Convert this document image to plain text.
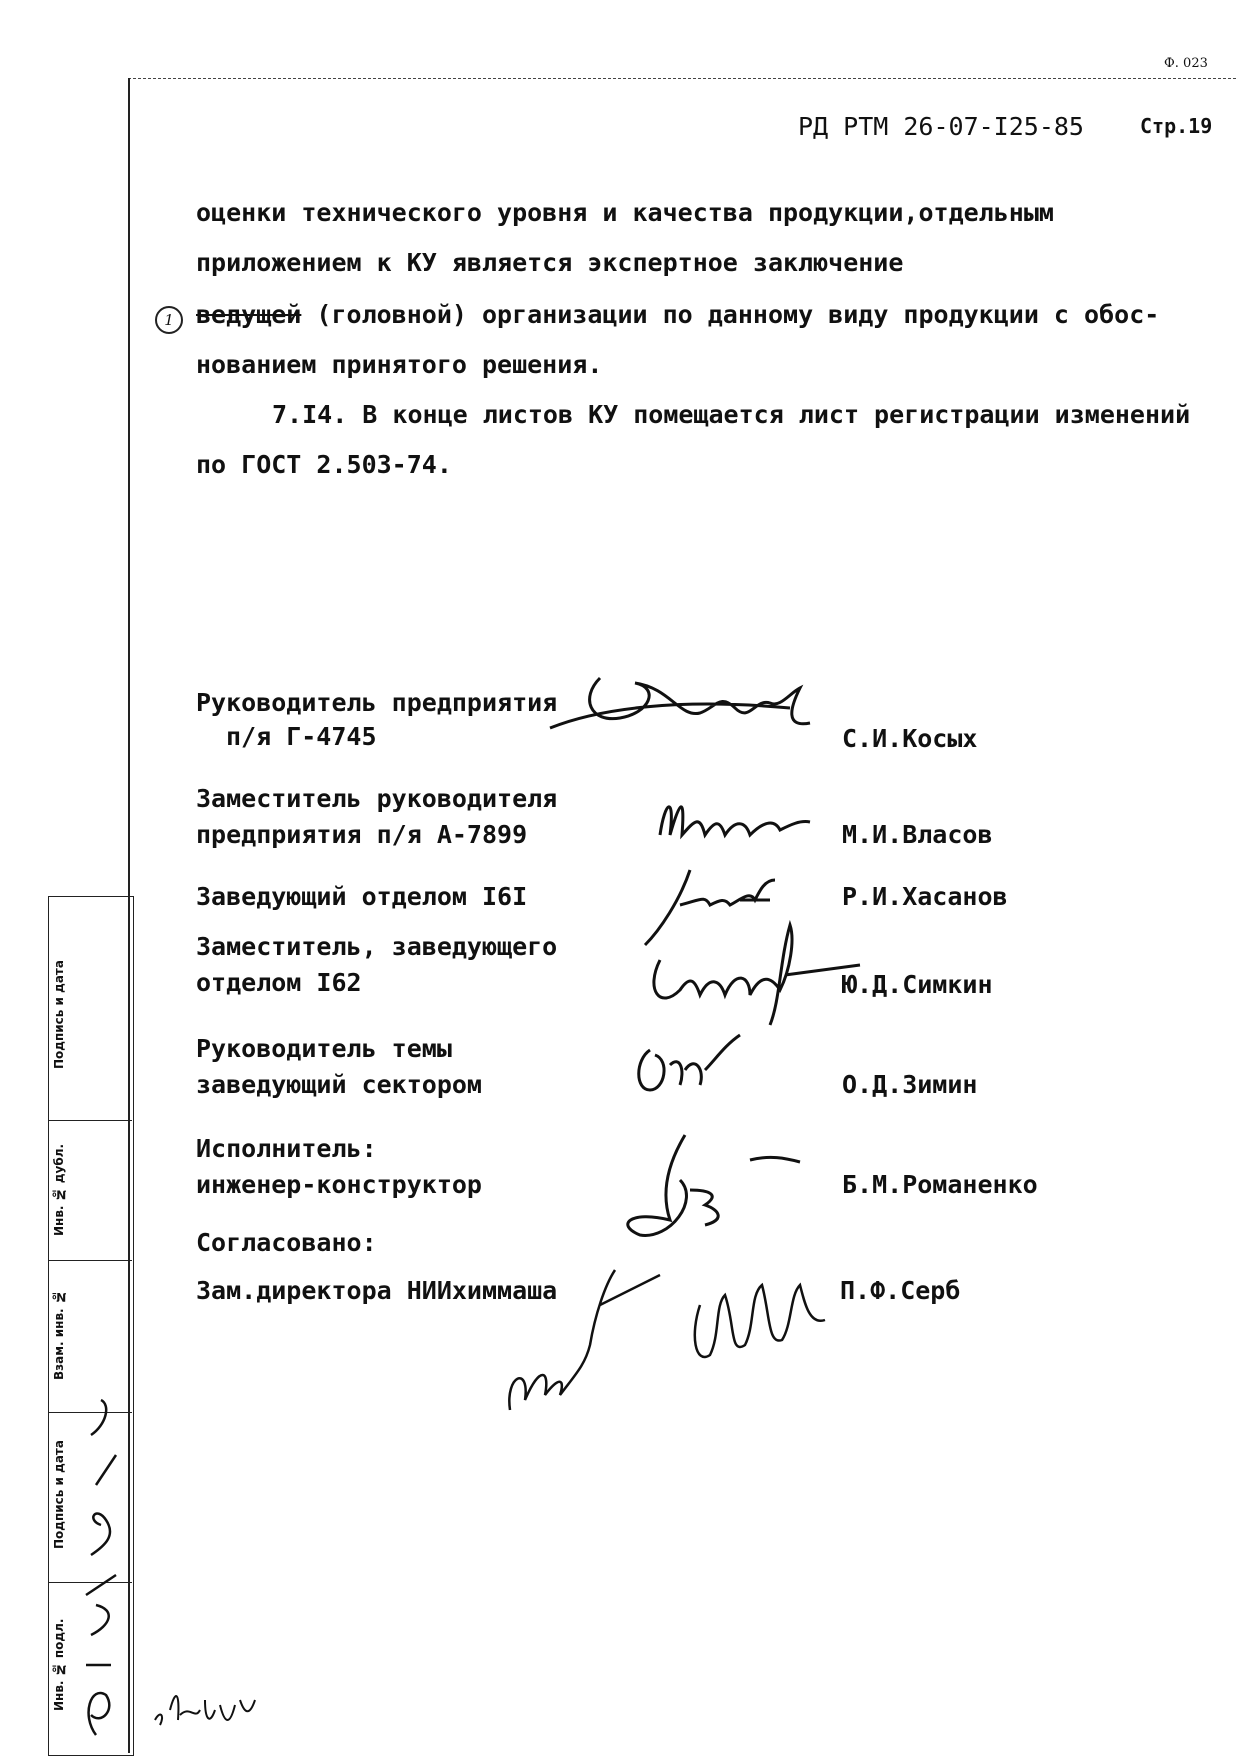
Ф. 023
РД РТМ 26-07-I25-85	Стр.19
оценки технического уровня и качества продукции,отдельным
приложением к КУ является экспертное заключение
1 ведущей (головной) организации по данному виду продукции с обос-
нованием принятого решения.
7.I4. В конце листов КУ помещается лист регистрации изменений
по ГОСТ 2.503-74.
Руководитель предприятия
п/я Г-4745	С.И.Косых
Заместитель руководителя
предприятия п/я А-7899	М.И.Власов
Заведующий отделом I6I	Р.И.Хасанов
Заместитель, заведующего
отделом I62	Ю.Д.Симкин
Руководитель темы
заведующий сектором	О.Д.Зимин
Исполнитель:
инженер-конструктор	Б.М.Романенко
Согласовано:
Зам.директора НИИхиммаша	П.Ф.Серб
Подпись и дата
Инв. № дубл.
Взам. инв. №
Подпись и дата
Инв. № подл.
